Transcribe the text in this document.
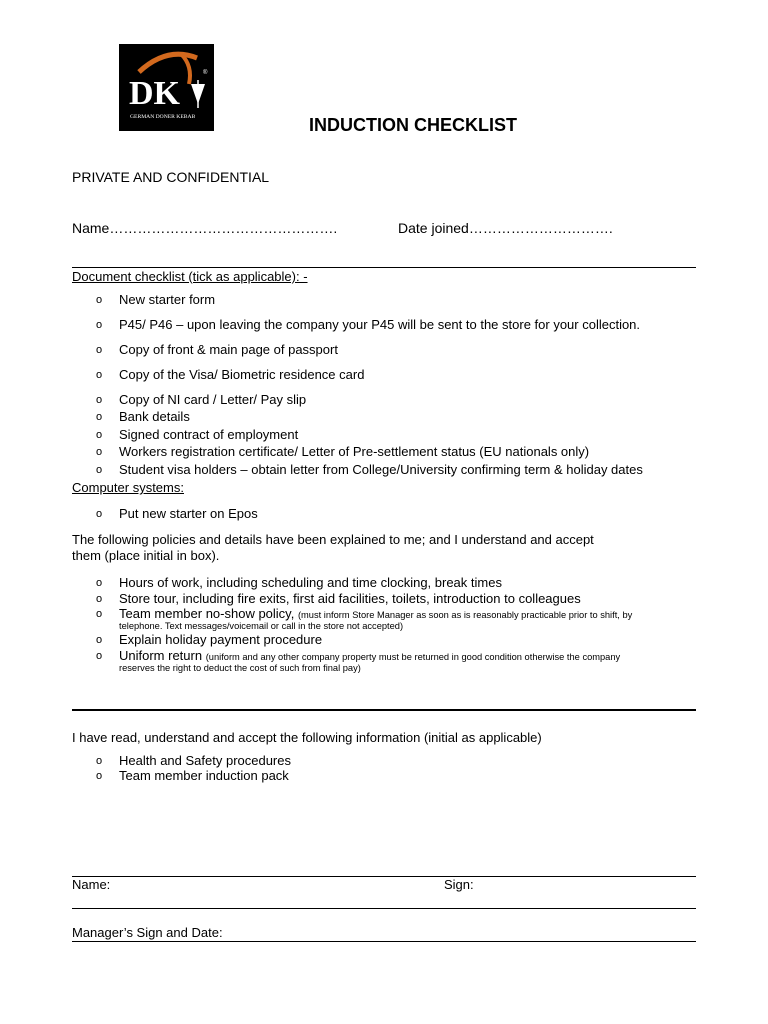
DK
®
GERMAN DONER KEBAB	INDUCTION CHECKLIST
PRIVATE AND CONFIDENTIAL
Name………………………………………….	Date joined………………………….
Document checklist (tick as applicable): -
o New starter form
o P45/ P46 – upon leaving the company your P45 will be sent to the store for your collection.
o Copy of front & main page of passport
o Copy of the Visa/ Biometric residence card
o Copy of NI card / Letter/ Pay slip
o Bank details
o Signed contract of employment
o Workers registration certificate/ Letter of Pre-settlement status (EU nationals only)
o Student visa holders – obtain letter from College/University confirming term & holiday dates
Computer systems:
o Put new starter on Epos
The following policies and details have been explained to me; and I understand and accept
them (place initial in box).
o Hours of work, including scheduling and time clocking, break times
o Store tour, including fire exits, first aid facilities, toilets, introduction to colleagues
o Team member no-show policy, (must inform Store Manager as soon as is reasonably practicable prior to shift, by
telephone. Text messages/voicemail or call in the store not accepted)
o Explain holiday payment procedure
o Uniform return (uniform and any other company property must be returned in good condition otherwise the company
reserves the right to deduct the cost of such from final pay)
I have read, understand and accept the following information (initial as applicable)
o Health and Safety procedures
o Team member induction pack
Name:	Sign:
Manager’s Sign and Date:
